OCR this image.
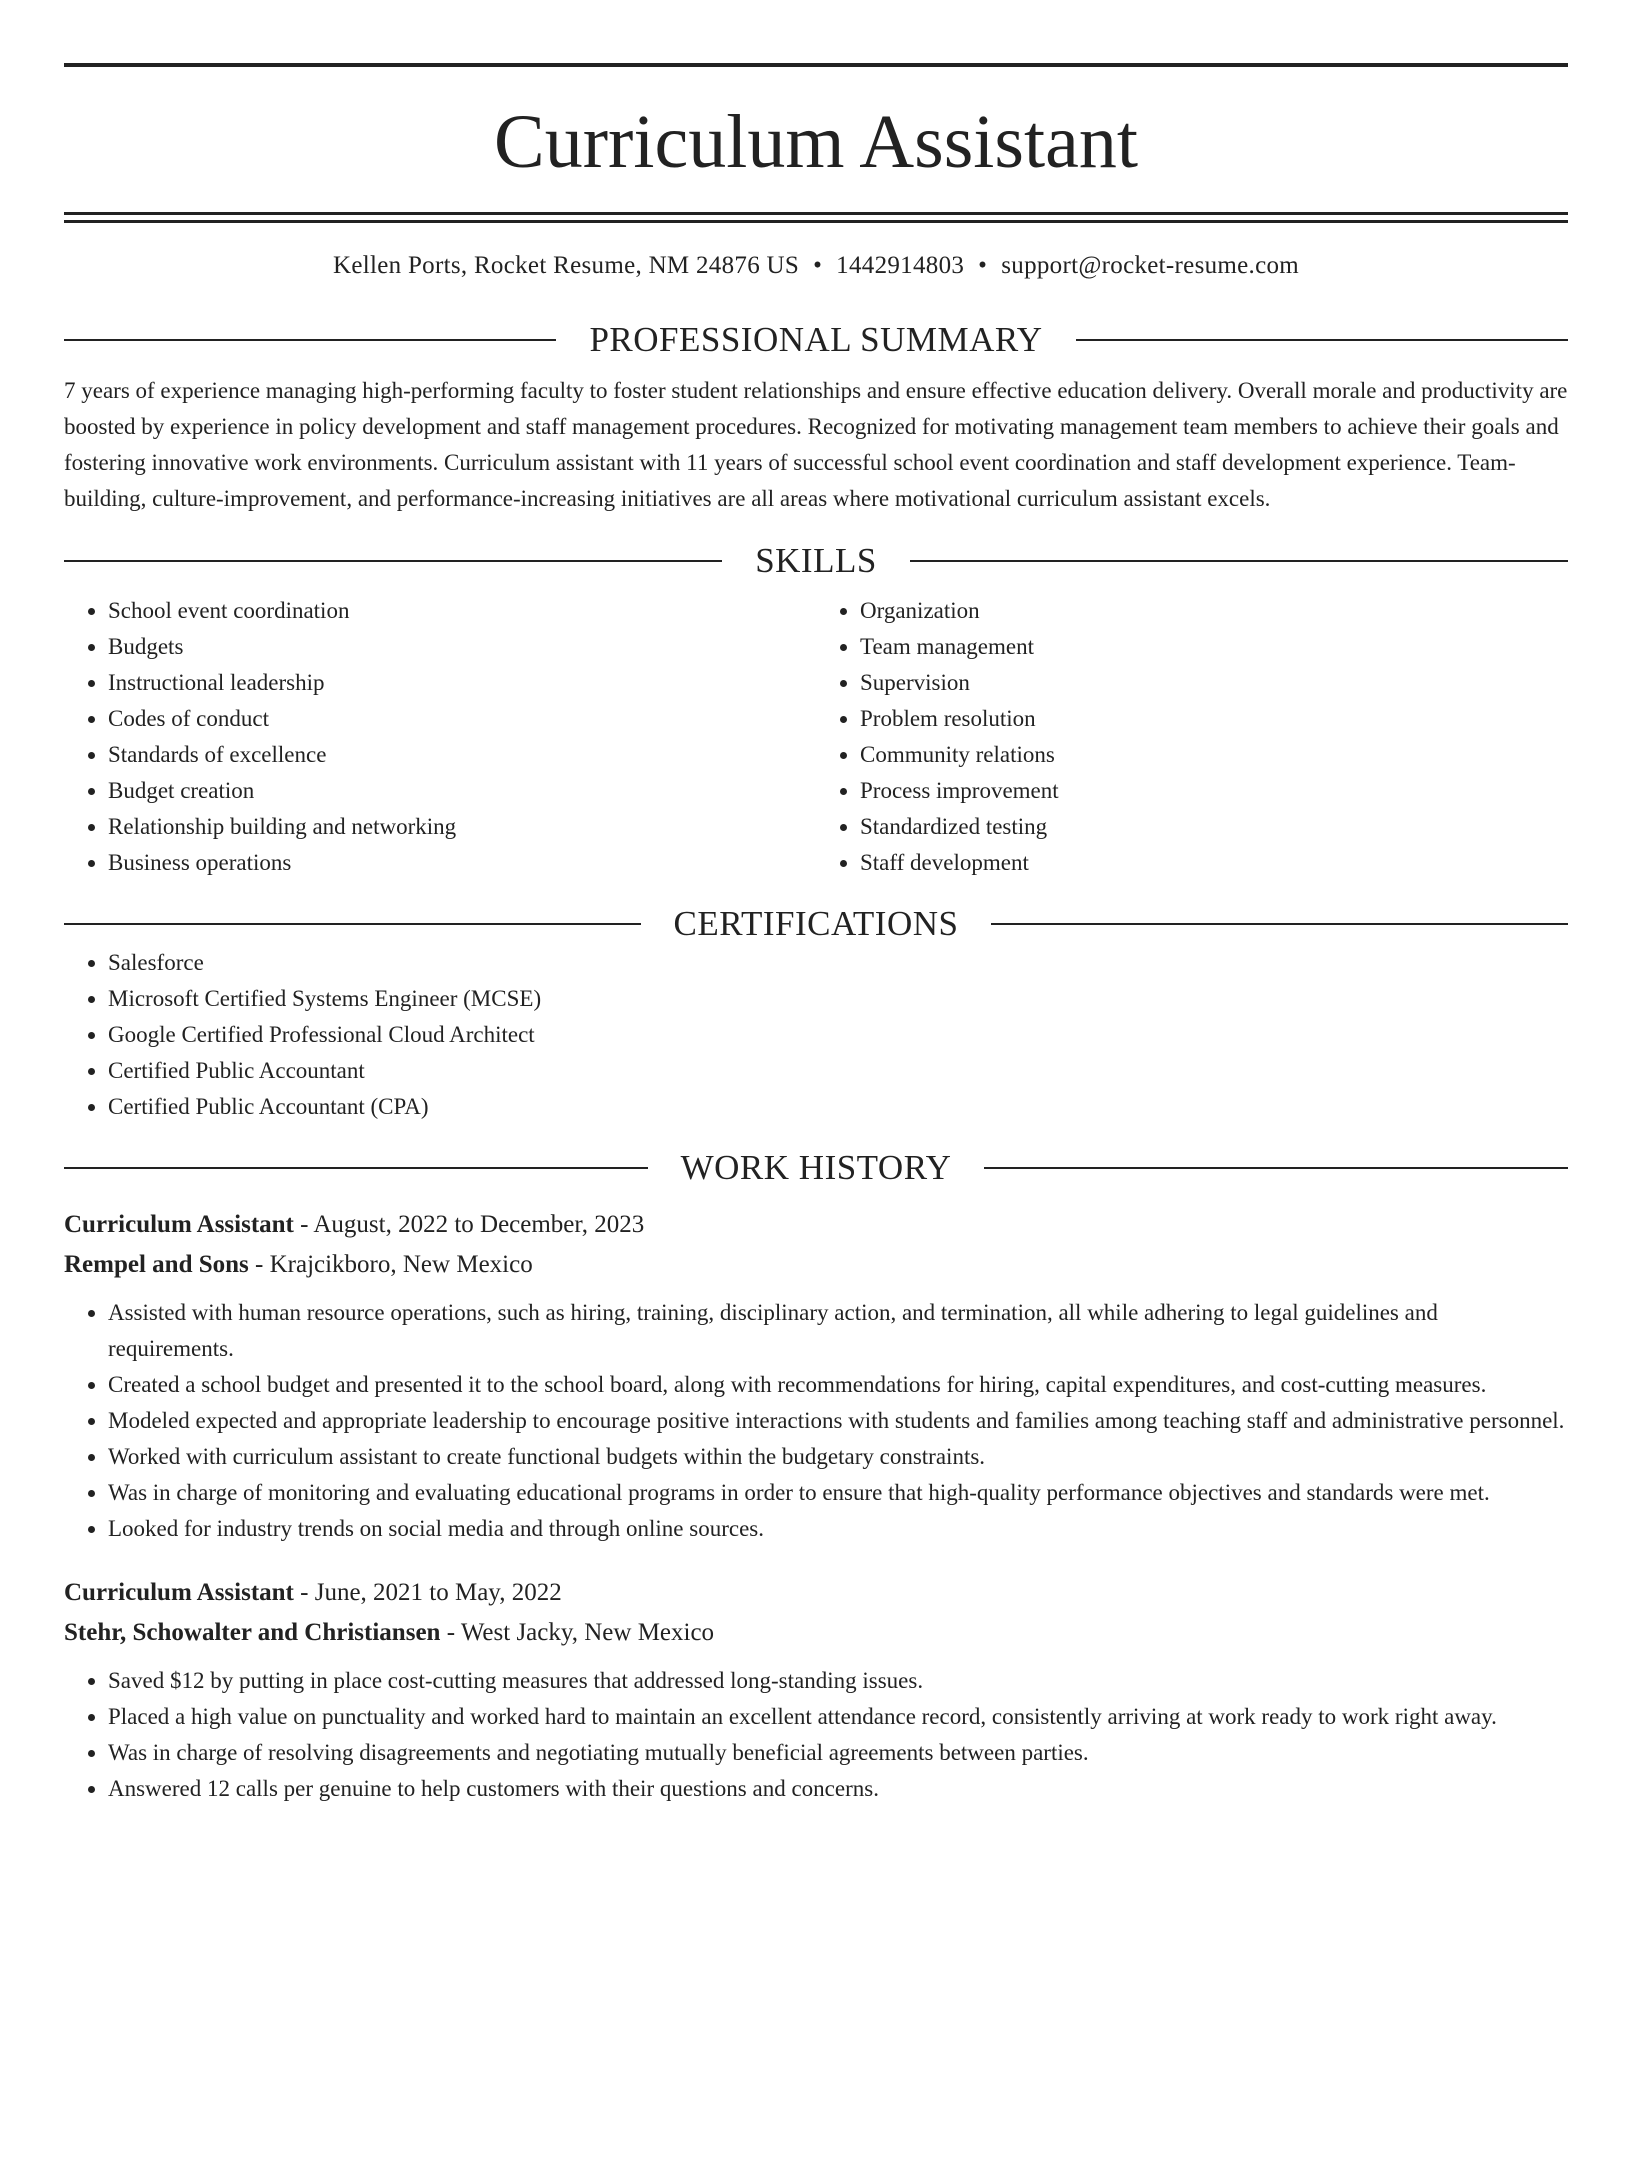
Curriculum Assistant
Kellen Ports, Rocket Resume, NM 24876 US • 1442914803 • support@rocket-resume.com
PROFESSIONAL SUMMARY

7 years of experience managing high-performing faculty to foster student relationships and ensure effective education delivery. Overall morale and productivity are boosted by experience in policy development and staff management procedures. Recognized for motivating management team members to achieve their goals and fostering innovative work environments. Curriculum assistant with 11 years of successful school event coordination and staff development experience. Team-building, culture-improvement, and performance-increasing initiatives are all areas where motivational curriculum assistant excels.

SKILLS
• School event coordination
• Budgets
• Instructional leadership
• Codes of conduct
• Standards of excellence
• Budget creation
• Relationship building and networking
• Business operations
• Organization
• Team management
• Supervision
• Problem resolution
• Community relations
• Process improvement
• Standardized testing
• Staff development
CERTIFICATIONS
• Salesforce
• Microsoft Certified Systems Engineer (MCSE)
• Google Certified Professional Cloud Architect
• Certified Public Accountant
• Certified Public Accountant (CPA)
WORK HISTORY
Curriculum Assistant - August, 2022 to December, 2023
Rempel and Sons - Krajcikboro, New Mexico
• Assisted with human resource operations, such as hiring, training, disciplinary action, and termination, all while adhering to legal guidelines and requirements.
• Created a school budget and presented it to the school board, along with recommendations for hiring, capital expenditures, and cost-cutting measures.
• Modeled expected and appropriate leadership to encourage positive interactions with students and families among teaching staff and administrative personnel.
• Worked with curriculum assistant to create functional budgets within the budgetary constraints.
• Was in charge of monitoring and evaluating educational programs in order to ensure that high-quality performance objectives and standards were met.
• Looked for industry trends on social media and through online sources.
Curriculum Assistant - June, 2021 to May, 2022
Stehr, Schowalter and Christiansen - West Jacky, New Mexico
• Saved $12 by putting in place cost-cutting measures that addressed long-standing issues.
• Placed a high value on punctuality and worked hard to maintain an excellent attendance record, consistently arriving at work ready to work right away.
• Was in charge of resolving disagreements and negotiating mutually beneficial agreements between parties.
• Answered 12 calls per genuine to help customers with their questions and concerns.
